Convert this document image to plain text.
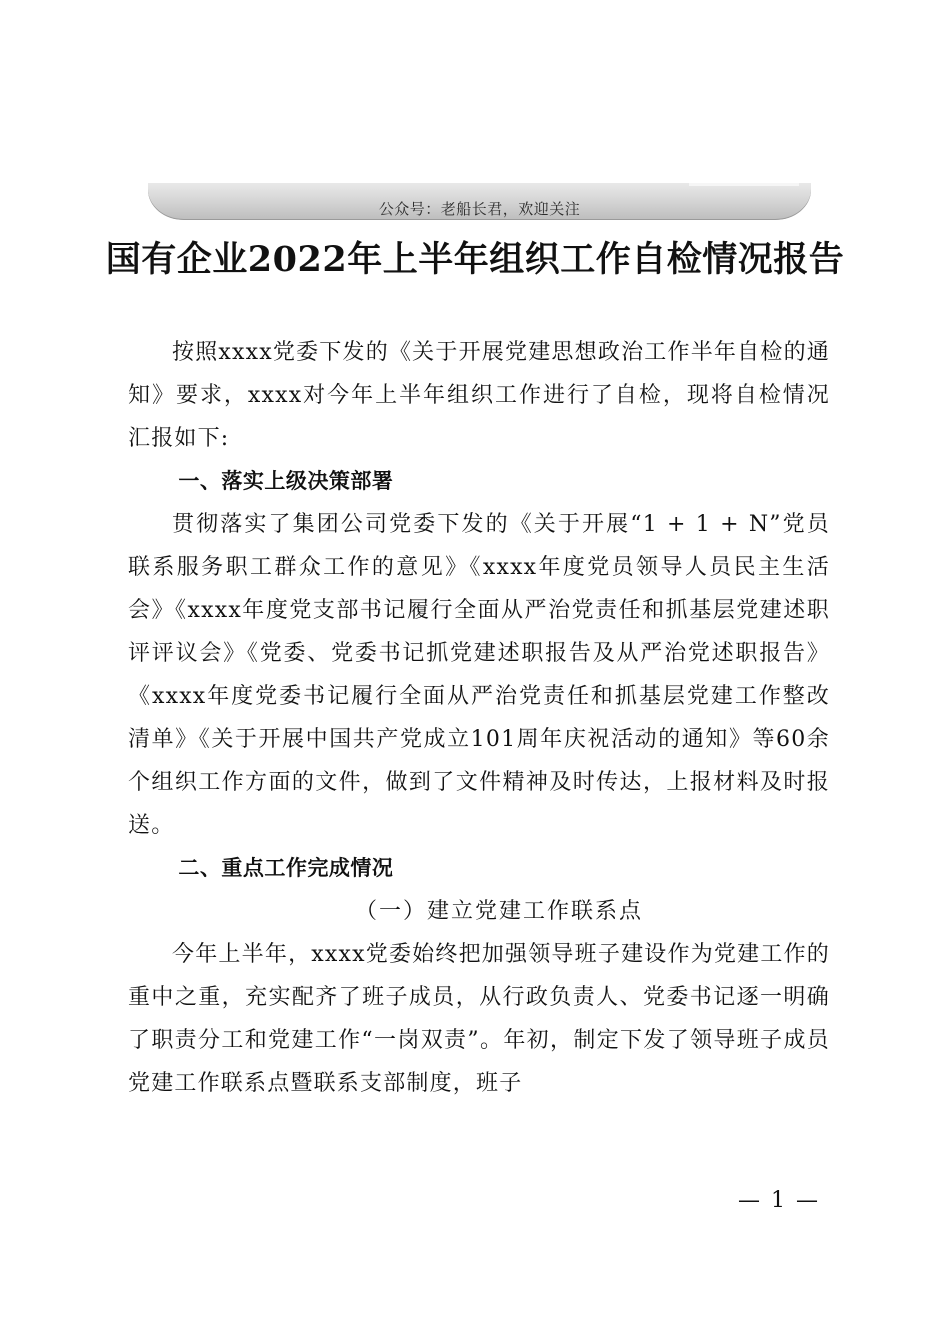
公众号：老船长君，欢迎关注
国有企业2022年上半年组织工作自检情况报告

按照xxxx党委下发的《关于开展党建思想政治工作半年自检的通知》要求，xxxx对今年上半年组织工作进行了自检，现将自检情况汇报如下:

一、落实上级决策部署

贯彻落实了集团公司党委下发的《关于开展“1 + 1 + N”党员联系服务职工群众工作的意见》《xxxx年度党员领导人员民主生活会》《xxxx年度党支部书记履行全面从严治党责任和抓基层党建述职评评议会》《党委、党委书记抓党建述职报告及从严治党述职报告》《xxxx年度党委书记履行全面从严治党责任和抓基层党建工作整改清单》《关于开展中国共产党成立101周年庆祝活动的通知》等60余个组织工作方面的文件，做到了文件精神及时传达，上报材料及时报送。

二、重点工作完成情况

（一）建立党建工作联系点

今年上半年，xxxx党委始终把加强领导班子建设作为党建工作的重中之重，充实配齐了班子成员，从行政负责人、党委书记逐一明确了职责分工和党建工作“一岗双责”。年初，制定下发了领导班子成员党建工作联系点暨联系支部制度，班子

— 1 —
